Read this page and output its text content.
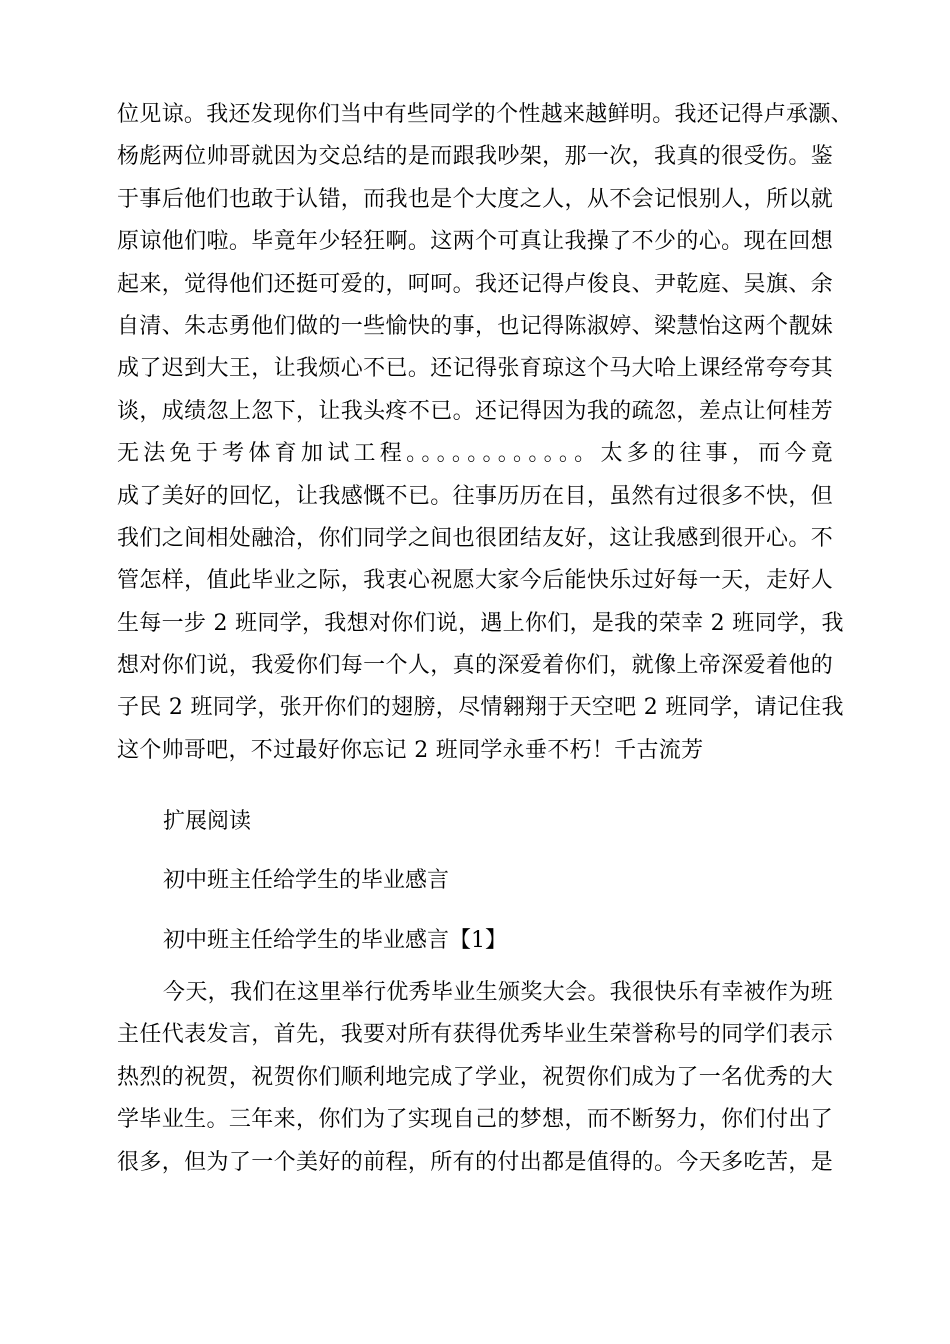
位见谅。我还发现你们当中有些同学的个性越来越鲜明。我还记得卢承灏、
杨彪两位帅哥就因为交总结的是而跟我吵架，那一次，我真的很受伤。鉴
于事后他们也敢于认错，而我也是个大度之人，从不会记恨别人，所以就
原谅他们啦。毕竟年少轻狂啊。这两个可真让我操了不少的心。现在回想
起来，觉得他们还挺可爱的，呵呵。我还记得卢俊良、尹乾庭、吴旗、余
自清、朱志勇他们做的一些愉快的事，也记得陈淑婷、梁慧怡这两个靓妹
成了迟到大王，让我烦心不已。还记得张育琼这个马大哈上课经常夸夸其
谈，成绩忽上忽下，让我头疼不已。还记得因为我的疏忽，差点让何桂芳
无法免于考体育加试工程。。。。。。。。。。。。太多的往事，而今竟
成了美好的回忆，让我感慨不已。往事历历在目，虽然有过很多不快，但
我们之间相处融洽，你们同学之间也很团结友好，这让我感到很开心。不
管怎样，值此毕业之际，我衷心祝愿大家今后能快乐过好每一天，走好人
生每一步 2 班同学，我想对你们说，遇上你们，是我的荣幸 2 班同学，我
想对你们说，我爱你们每一个人，真的深爱着你们，就像上帝深爱着他的
子民 2 班同学，张开你们的翅膀，尽情翱翔于天空吧 2 班同学，请记住我
这个帅哥吧，不过最好你忘记 2 班同学永垂不朽！千古流芳

扩展阅读

初中班主任给学生的毕业感言

初中班主任给学生的毕业感言【1】

今天，我们在这里举行优秀毕业生颁奖大会。我很快乐有幸被作为班
主任代表发言，首先，我要对所有获得优秀毕业生荣誉称号的同学们表示
热烈的祝贺，祝贺你们顺利地完成了学业，祝贺你们成为了一名优秀的大
学毕业生。三年来，你们为了实现自己的梦想，而不断努力，你们付出了
很多，但为了一个美好的前程，所有的付出都是值得的。今天多吃苦，是
